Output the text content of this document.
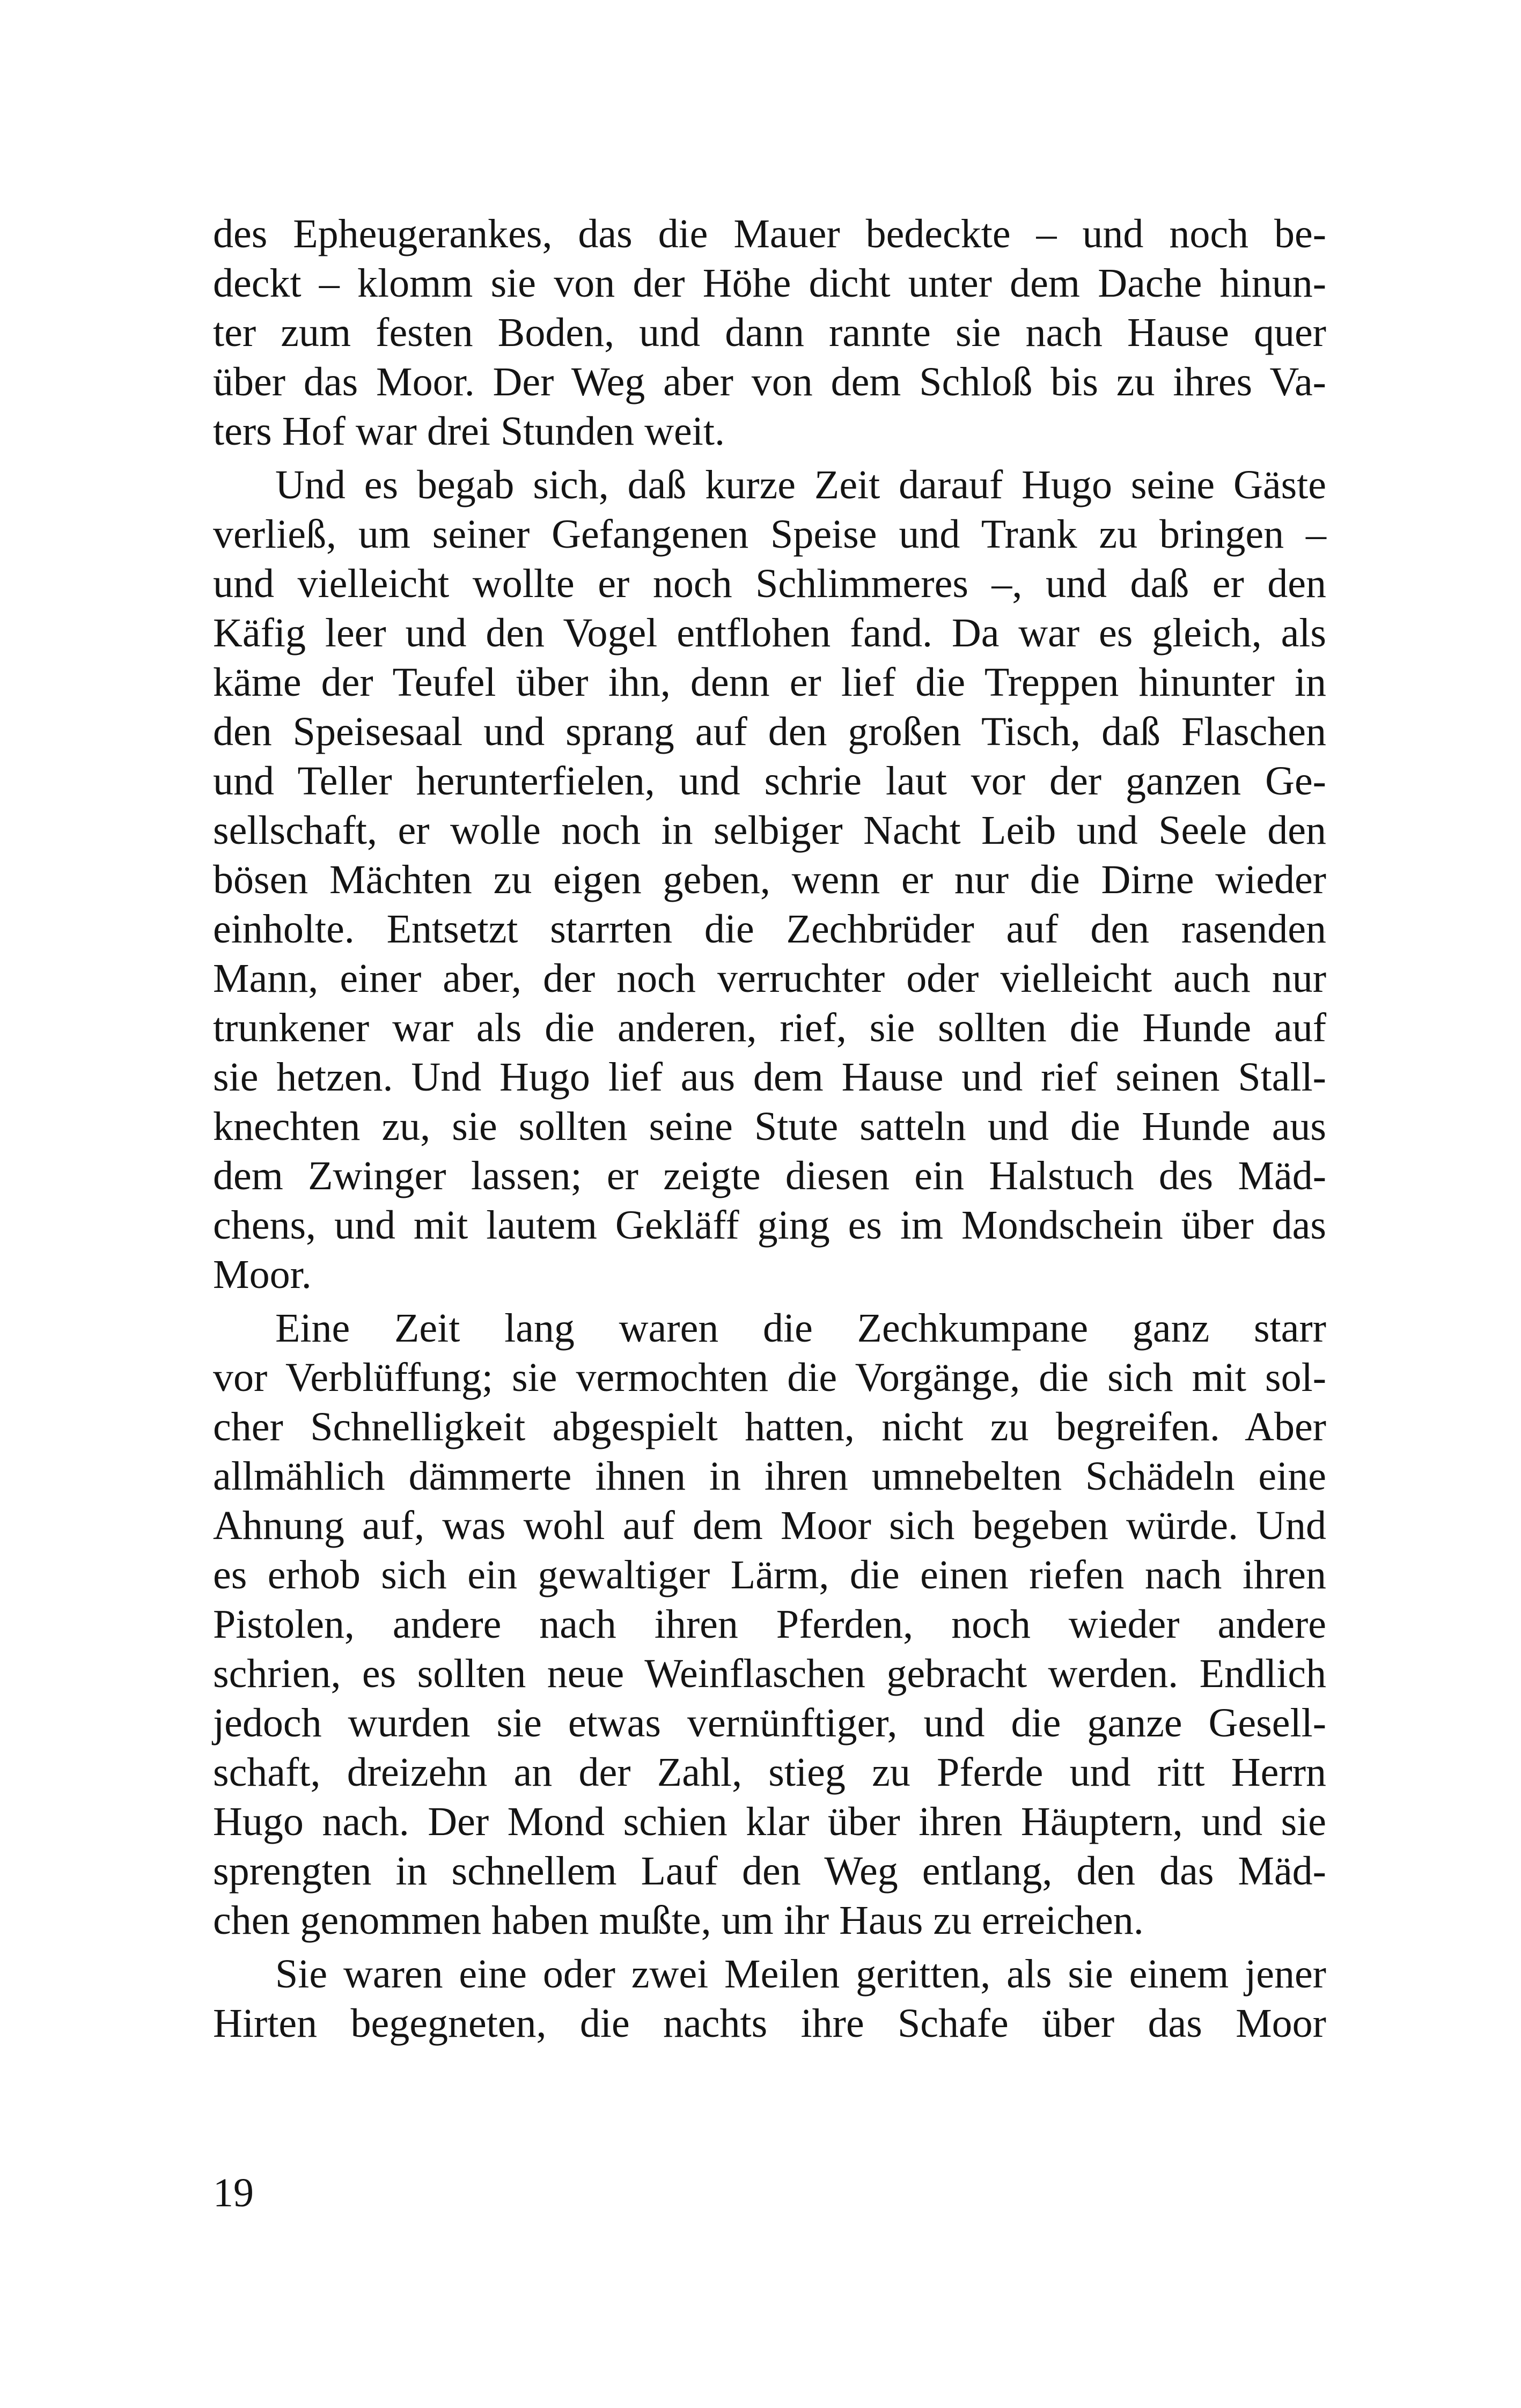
des Epheugerankes, das die Mauer bedeckte – und noch be-
deckt – klomm sie von der Höhe dicht unter dem Dache hinun-
ter zum festen Boden, und dann rannte sie nach Hause quer
über das Moor. Der Weg aber von dem Schloß bis zu ihres Va-
ters Hof war drei Stunden weit.
Und es begab sich, daß kurze Zeit darauf Hugo seine Gäste
verließ, um seiner Gefangenen Speise und Trank zu bringen –
und vielleicht wollte er noch Schlimmeres –, und daß er den
Käfig leer und den Vogel entflohen fand. Da war es gleich, als
käme der Teufel über ihn, denn er lief die Treppen hinunter in
den Speisesaal und sprang auf den großen Tisch, daß Flaschen
und Teller herunterfielen, und schrie laut vor der ganzen Ge-
sellschaft, er wolle noch in selbiger Nacht Leib und Seele den
bösen Mächten zu eigen geben, wenn er nur die Dirne wieder
einholte. Entsetzt starrten die Zechbrüder auf den rasenden
Mann, einer aber, der noch verruchter oder vielleicht auch nur
trunkener war als die anderen, rief, sie sollten die Hunde auf
sie hetzen. Und Hugo lief aus dem Hause und rief seinen Stall-
knechten zu, sie sollten seine Stute satteln und die Hunde aus
dem Zwinger lassen; er zeigte diesen ein Halstuch des Mäd-
chens, und mit lautem Gekläff ging es im Mondschein über das
Moor.
Eine Zeit lang waren die Zechkumpane ganz starr
vor Verblüffung; sie vermochten die Vorgänge, die sich mit sol-
cher Schnelligkeit abgespielt hatten, nicht zu begreifen. Aber
allmählich dämmerte ihnen in ihren umnebelten Schädeln eine
Ahnung auf, was wohl auf dem Moor sich begeben würde. Und
es erhob sich ein gewaltiger Lärm, die einen riefen nach ihren
Pistolen, andere nach ihren Pferden, noch wieder andere
schrien, es sollten neue Weinflaschen gebracht werden. Endlich
jedoch wurden sie etwas vernünftiger, und die ganze Gesell-
schaft, dreizehn an der Zahl, stieg zu Pferde und ritt Herrn
Hugo nach. Der Mond schien klar über ihren Häuptern, und sie
sprengten in schnellem Lauf den Weg entlang, den das Mäd-
chen genommen haben mußte, um ihr Haus zu erreichen.
Sie waren eine oder zwei Meilen geritten, als sie einem jener
Hirten begegneten, die nachts ihre Schafe über das Moor
19
